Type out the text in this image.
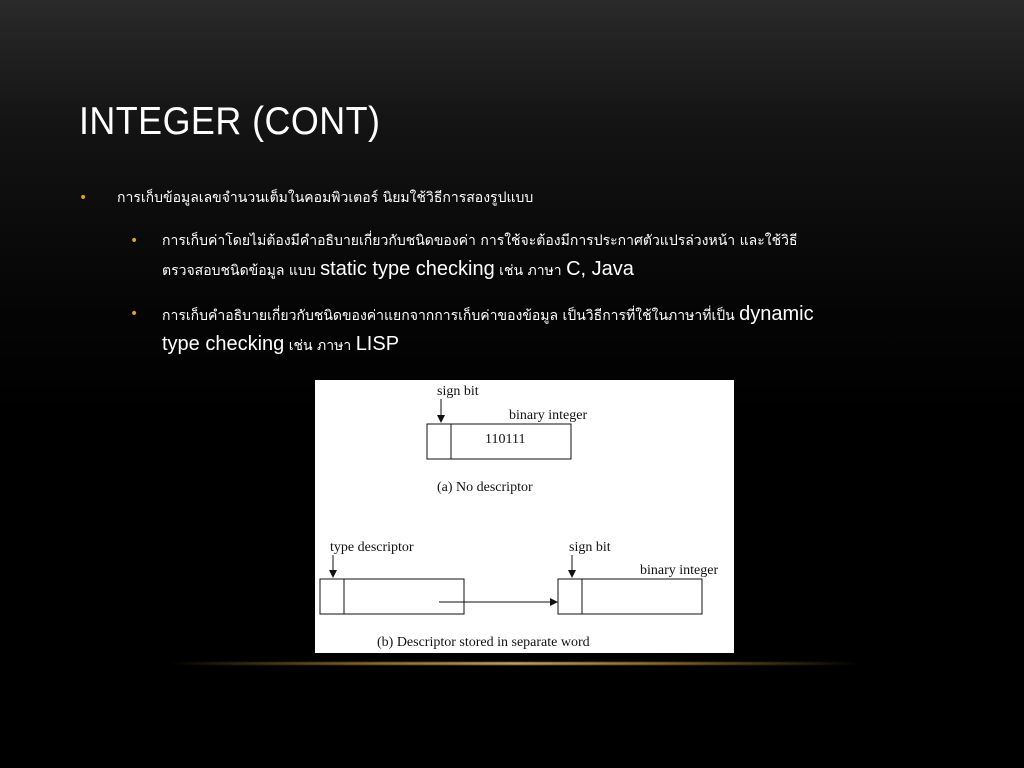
INTEGER (CONT)
• การเก็บข้อมูลเลขจำนวนเต็มในคอมพิวเตอร์ นิยมใช้วิธีการสองรูปแบบ
• การเก็บค่าโดยไม่ต้องมีคำอธิบายเกี่ยวกับชนิดของค่า การใช้จะต้องมีการประกาศตัวแปรล่วงหน้า และใช้วิธี
ตรวจสอบชนิดข้อมูล แบบ static type checking เช่น ภาษา C, Java
• การเก็บคำอธิบายเกี่ยวกับชนิดของค่าแยกจากการเก็บค่าของข้อมูล เป็นวิธีการที่ใช้ในภาษาที่เป็น dynamic
type checking เช่น ภาษา LISP
sign bit
binary integer
110111
(a) No descriptor
type descriptor	sign bit
binary integer
(b) Descriptor stored in separate word
